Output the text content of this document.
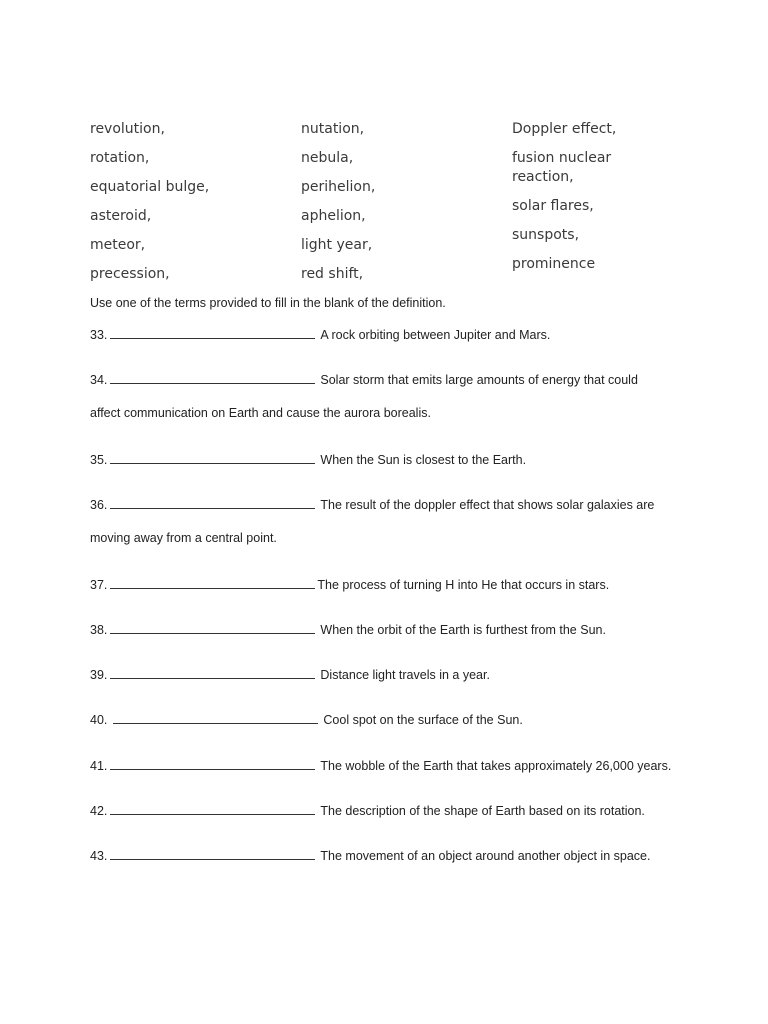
revolution,
rotation,
equatorial bulge,
asteroid,
meteor,
precession,
nutation,
nebula,
perihelion,
aphelion,
light year,
red shift,
Doppler effect,
fusion nuclear reaction,
solar flares,
sunspots,
prominence
Use one of the terms provided to fill in the blank of the definition.
33.	A rock orbiting between Jupiter and Mars.
34.	Solar storm that emits large amounts of energy that could
affect communication on Earth and cause the aurora borealis.
35.	When the Sun is closest to the Earth.
36.	The result of the doppler effect that shows solar galaxies are
moving away from a central point.
37.	The process of turning H into He that occurs in stars.
38.	When the orbit of the Earth is furthest from the Sun.
39.	Distance light travels in a year.
40.	Cool spot on the surface of the Sun.
41.	The wobble of the Earth that takes approximately 26,000 years.
42.	The description of the shape of Earth based on its rotation.
43.	The movement of an object around another object in space.
